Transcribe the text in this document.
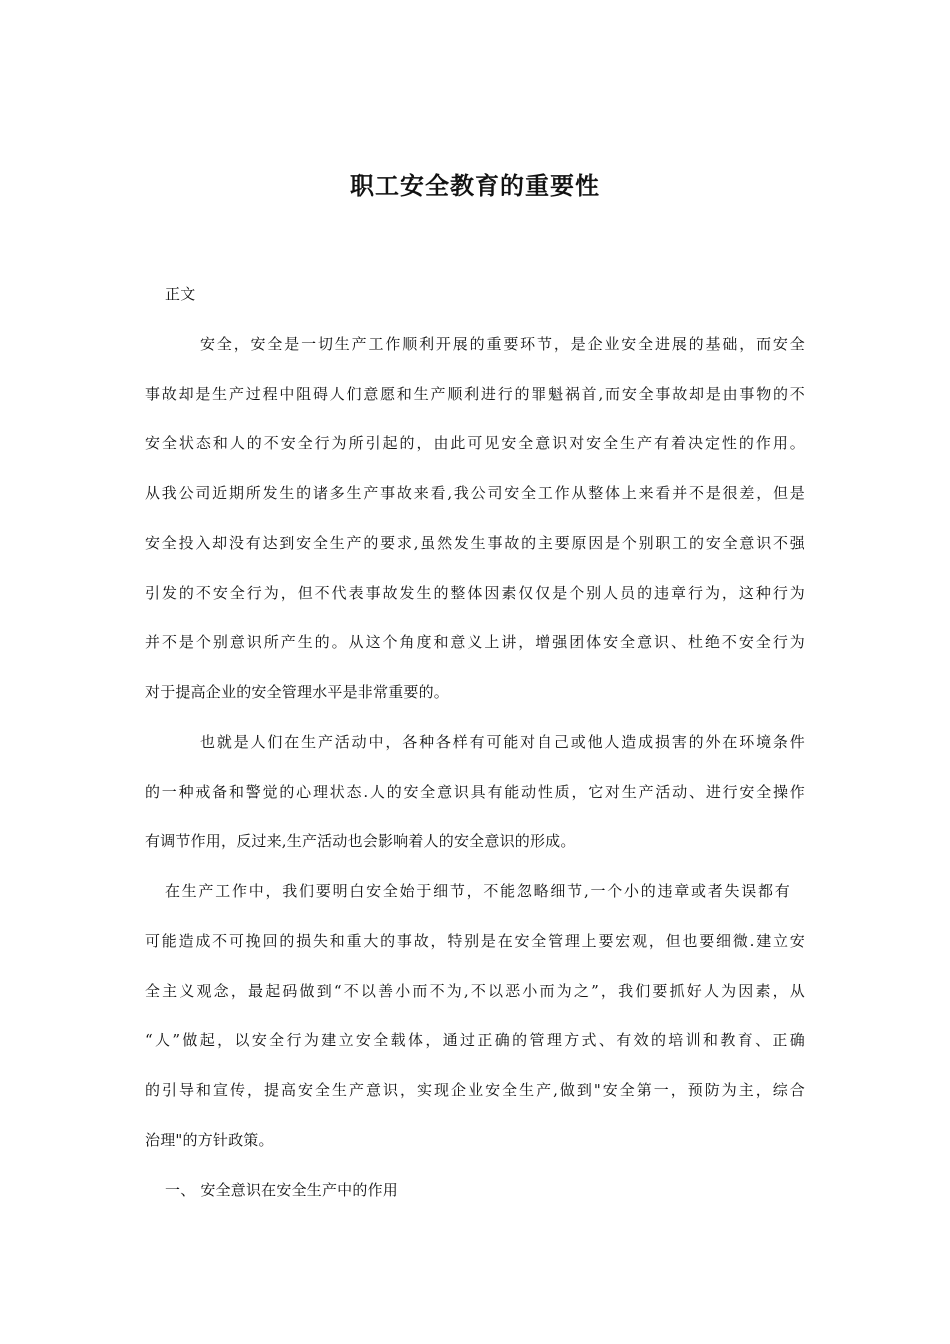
职工安全教育的重要性
正文
安全，安全是一切生产工作顺利开展的重要环节，是企业安全进展的基础，而安全
事故却是生产过程中阻碍人们意愿和生产顺利进行的罪魁祸首,而安全事故却是由事物的不
安全状态和人的不安全行为所引起的，由此可见安全意识对安全生产有着决定性的作用。
从我公司近期所发生的诸多生产事故来看,我公司安全工作从整体上来看并不是很差，但是
安全投入却没有达到安全生产的要求,虽然发生事故的主要原因是个别职工的安全意识不强
引发的不安全行为，但不代表事故发生的整体因素仅仅是个别人员的违章行为，这种行为
并不是个别意识所产生的。从这个角度和意义上讲，增强团体安全意识、杜绝不安全行为
对于提高企业的安全管理水平是非常重要的。
也就是人们在生产活动中，各种各样有可能对自己或他人造成损害的外在环境条件
的一种戒备和警觉的心理状态.人的安全意识具有能动性质，它对生产活动、进行安全操作
有调节作用，反过来,生产活动也会影响着人的安全意识的形成。
在生产工作中，我们要明白安全始于细节，不能忽略细节,一个小的违章或者失误都有
可能造成不可挽回的损失和重大的事故，特别是在安全管理上要宏观，但也要细微.建立安
全主义观念，最起码做到“不以善小而不为,不以恶小而为之”，我们要抓好人为因素，从
“人”做起，以安全行为建立安全载体，通过正确的管理方式、有效的培训和教育、正确
的引导和宣传，提高安全生产意识，实现企业安全生产,做到"安全第一，预防为主，综合
治理"的方针政策。
一、 安全意识在安全生产中的作用
